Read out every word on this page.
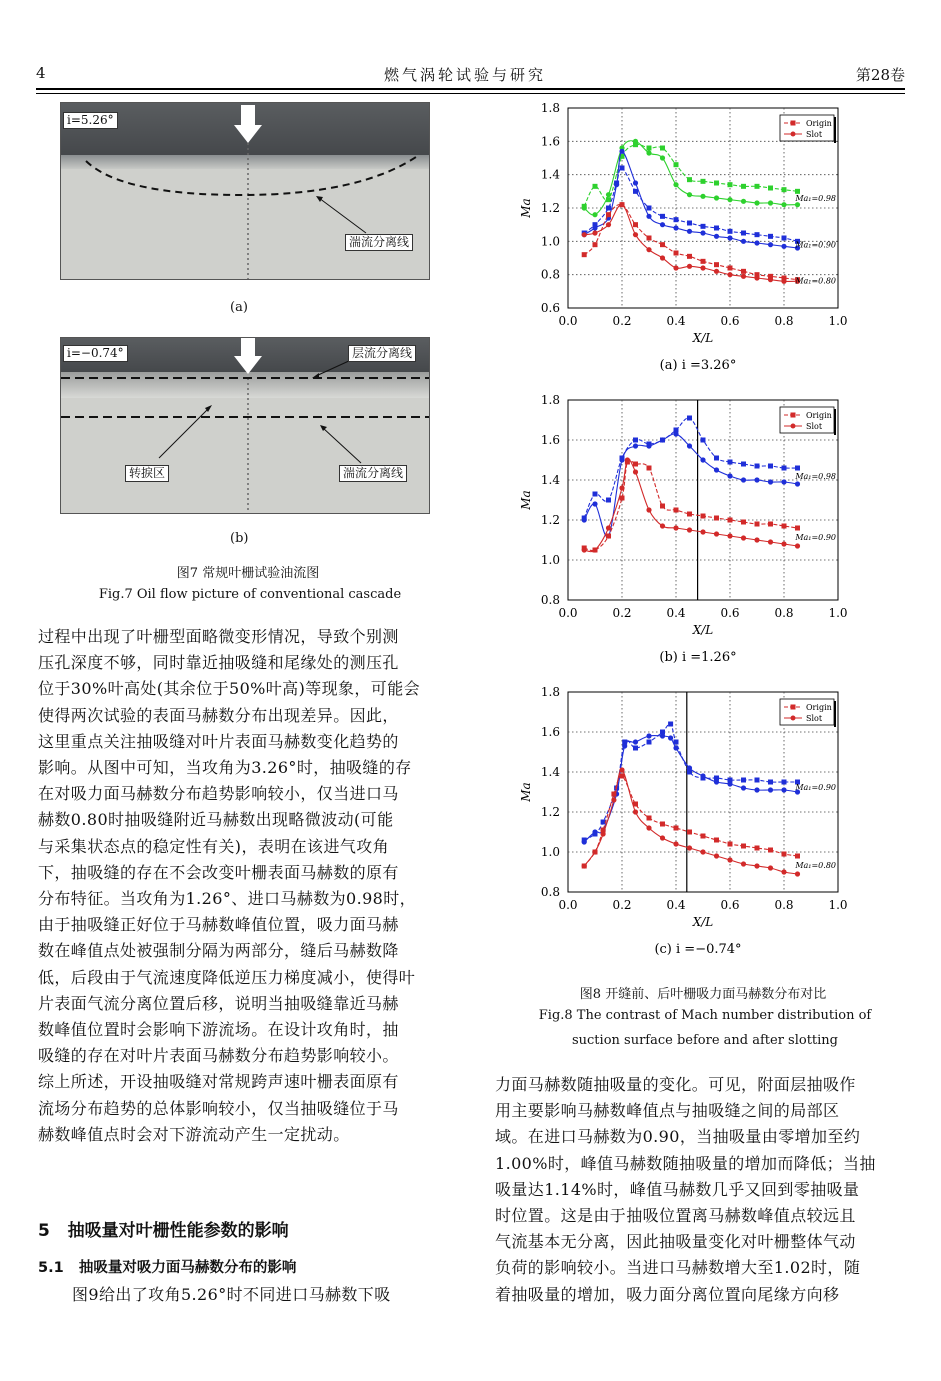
4	燃气涡轮试验与研究	第28卷
i=5.26°
湍流分离线
(a)
i=−0.74°	层流分离线
转捩区	湍流分离线
(b)
图7 常规叶栅试验油流图
Fig.7 Oil flow picture of conventional cascade
0.6
0.8
1.0
1.2
1.4
1.6
1.8
0.0	0.2	0.4	0.6	0.8	1.0
X/L
Ma
(a) i =3.26°
Ma₁=0.98
Ma₁=0.90
Ma₁=0.80
Origin
Slot
0.8
1.0
1.2
1.4
1.6
1.8
0.0	0.2	0.4	0.6	0.8	1.0
X/L
Ma
(b) i =1.26°
Ma₁=0.98
Ma₁=0.90
Origin
Slot
0.8
1.0
1.2
1.4
1.6
1.8
0.0	0.2	0.4	0.6	0.8	1.0
X/L
Ma
(c) i =−0.74°
Ma₁=0.90
Ma₁=0.80
Origin
Slot
图8 开缝前、后叶栅吸力面马赫数分布对比
Fig.8 The contrast of Mach number distribution of
suction surface before and after slotting

过程中出现了叶栅型面略微变形情况，导致个别测

压孔深度不够，同时靠近抽吸缝和尾缘处的测压孔

位于30%叶高处(其余位于50%叶高)等现象，可能会

使得两次试验的表面马赫数分布出现差异。因此，

这里重点关注抽吸缝对叶片表面马赫数变化趋势的

影响。从图中可知，当攻角为3.26°时，抽吸缝的存

在对吸力面马赫数分布趋势影响较小，仅当进口马

赫数0.80时抽吸缝附近马赫数出现略微波动(可能

与采集状态点的稳定性有关)，表明在该进气攻角

下，抽吸缝的存在不会改变叶栅表面马赫数的原有

分布特征。当攻角为1.26°、进口马赫数为0.98时，

由于抽吸缝正好位于马赫数峰值位置，吸力面马赫

数在峰值点处被强制分隔为两部分，缝后马赫数降

低，后段由于气流速度降低逆压力梯度减小，使得叶

片表面气流分离位置后移，说明当抽吸缝靠近马赫

数峰值位置时会影响下游流场。在设计攻角时，抽

吸缝的存在对叶片表面马赫数分布趋势影响较小。

综上所述，开设抽吸缝对常规跨声速叶栅表面原有

流场分布趋势的总体影响较小，仅当抽吸缝位于马

赫数峰值点时会对下游流动产生一定扰动。

5 抽吸量对叶栅性能参数的影响
5.1 抽吸量对吸力面马赫数分布的影响
图9给出了攻角5.26°时不同进口马赫数下吸

力面马赫数随抽吸量的变化。可见，附面层抽吸作

用主要影响马赫数峰值点与抽吸缝之间的局部区

域。在进口马赫数为0.90，当抽吸量由零增加至约

1.00%时，峰值马赫数随抽吸量的增加而降低；当抽

吸量达1.14%时，峰值马赫数几乎又回到零抽吸量

时位置。这是由于抽吸位置离马赫数峰值点较远且

气流基本无分离，因此抽吸量变化对叶栅整体气动

负荷的影响较小。当进口马赫数增大至1.02时，随

着抽吸量的增加，吸力面分离位置向尾缘方向移
